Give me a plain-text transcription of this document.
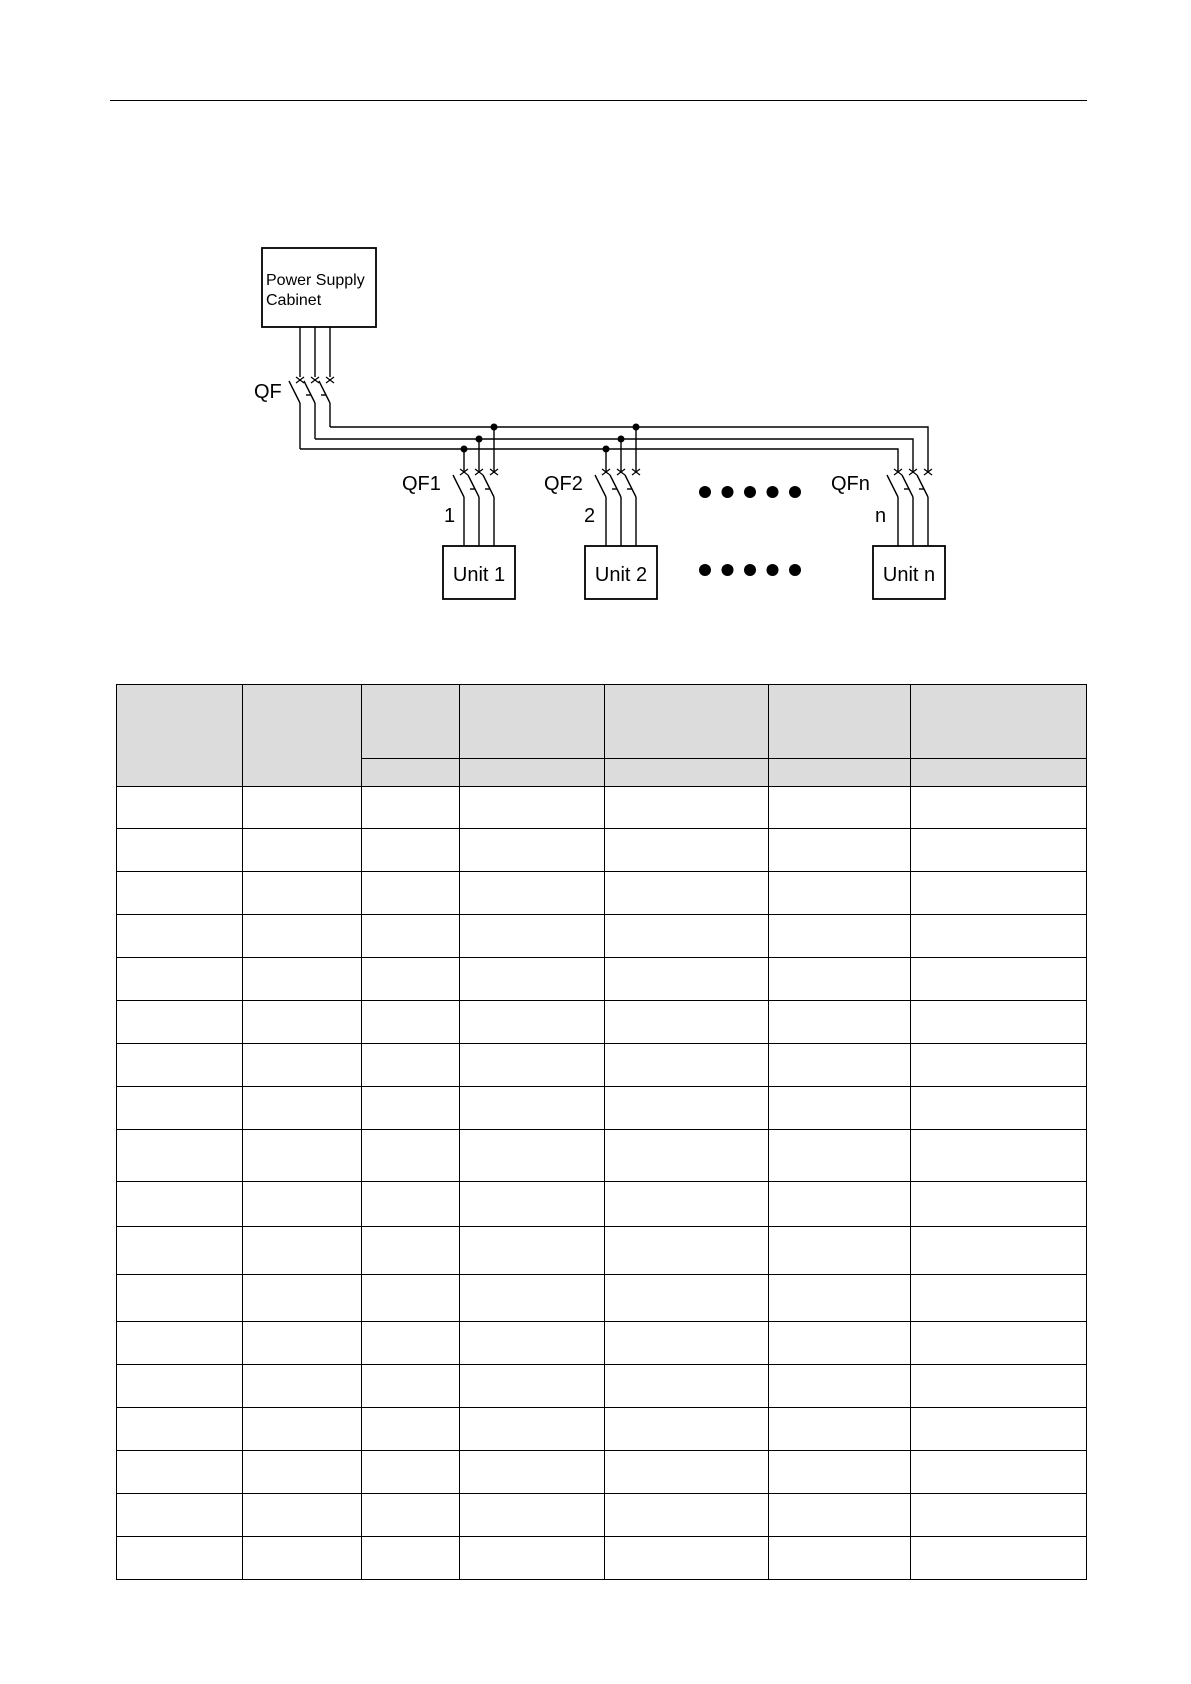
Power Supply
Cabinet
QF
QF1
1
Unit 1
QF2
2
Unit 2
QFn
n
Unit n
